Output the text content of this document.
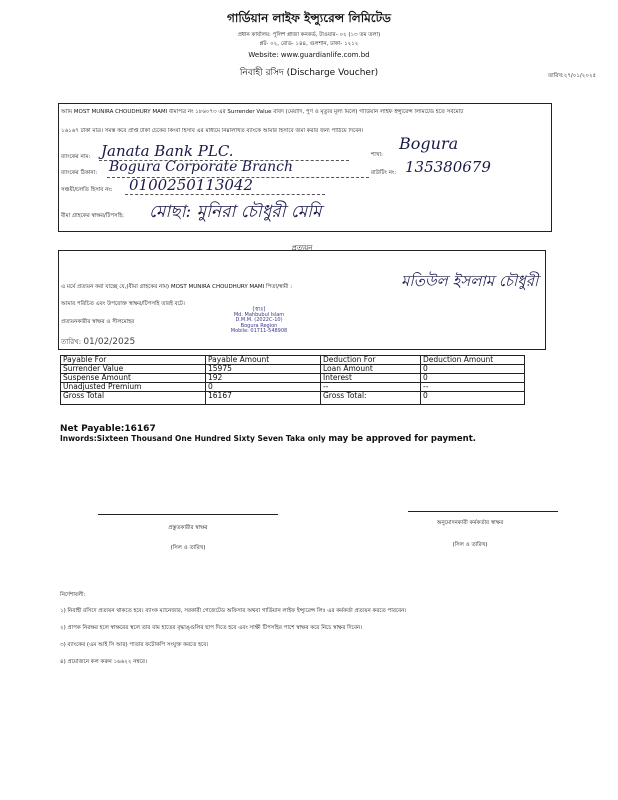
গার্ডিয়ান লাইফ ইন্স্যুরেন্স লিমিটেড
প্রধান কার্যালয়: পুলিশ প্লাজা কনকর্ড, টাওয়ার- ০২ (১৩ তম তলা)
প্লট- ০২, রোড- ১৪৪, গুলশান, ঢাকা- ১২১২
Website: www.guardianlife.com.bd
নিবাহী রসিদ (Discharge Voucher)	তারিখ:২৭/০১/২০২৫
আমি MOST MUNIRA CHOUDHURY MAMI বীমাপত্র নং ১৮৬০৭৩ এর Surrender Value বাবদ (মেয়াদি, পুণ ও মৃত্যুর মূল্য মিলে) গার্ডিয়ান লাইফ ইন্স্যুরেন্স লিমিটেড হতে সর্বমোট
১৬১৬৭ টাকা মাত্র। সমস্ত করে প্রাপ্ত টাকা চেকের কিংবা হিসাব এর মাধ্যমে নিম্নলিখিত ব্যাংকে আমার হিসাবে জমা করার জন্য পাঠিয়ে দিবেন।
ব্যাংকের নাম: Janata Bank PLC.	শাখা:
Bogura
ব্যাংকের ঠিকানা: Bogura Corporate Branch	রাউটিং নং: 135380679
সঞ্চয়ী/চলতি হিসাব নং: 0100250113042
বীমা গ্রাহকের স্বাক্ষর/টিপসহি: মোছা: মুনিরা চৌধুরী মেমি
প্রত্যয়ন
এ মর্মে প্রত্যয়ন করা যাচ্ছে যে,(বীমা গ্রাহকের নাম) MOST MUNIRA CHOUDHURY MAMI পিতা/স্বামী :	মতিউল ইসলাম চৌধুরী
আমার পরিচিত এবং উপরোক্ত স্বাক্ষর/টিপসহি তারই বটে।
প্রত্যয়নকারীর স্বাক্ষর ও সীলমোহর
তারিখ: 01/02/2025
(স্বাঃ)
Md. Mahbubul Islam
D.M.M. (2022C-10)
Bogura Region
Mobile: 01711-548908
Payable For	Payable Amount	Deduction For	Deduction Amount
Surrender Value	15975	Loan Amount	0
Suspense Amount	192	Interest	0
Unadjusted Premium	0	--	--
Gross Total	16167	Gross Total:	0
Net Payable:16167
Inwords:Sixteen Thousand One Hundred Sixty Seven Taka only may be approved for payment.
প্রস্তুতকারীর স্বাক্ষর
(সিল ও তারিখ)
অনুমোদনকারী কর্মকর্তার স্বাক্ষর
(সিল ও তারিখ)
নির্দেশাবলী:
১) নিবাহী রসিদে প্রত্যয়ন থাকতে হবে। ব্যাংক ম্যানেজার, সরকারী গেজেটেড অফিসার অথবা গার্ডিয়ান লাইফ ইন্স্যুরেন্স লিঃ এর কর্মকর্তা প্রত্যয়ন করতে পারবেন।
২) প্রাপক নিরক্ষর হলে স্বাক্ষরের স্থলে তার বাম হাতের বৃদ্ধাঙ্গুলির ছাপ দিতে হবে এবং সাক্ষী টিপসহির পাশে স্বাক্ষর করে নিচে স্বাক্ষর দিবেন।
৩) ব্যাংকের (এম আই সি আর) পাতার ফটোকপি সংযুক্ত করতে হবে।
৪) প্রয়োজনে কল করুন ১৬৬২২ নম্বরে।
